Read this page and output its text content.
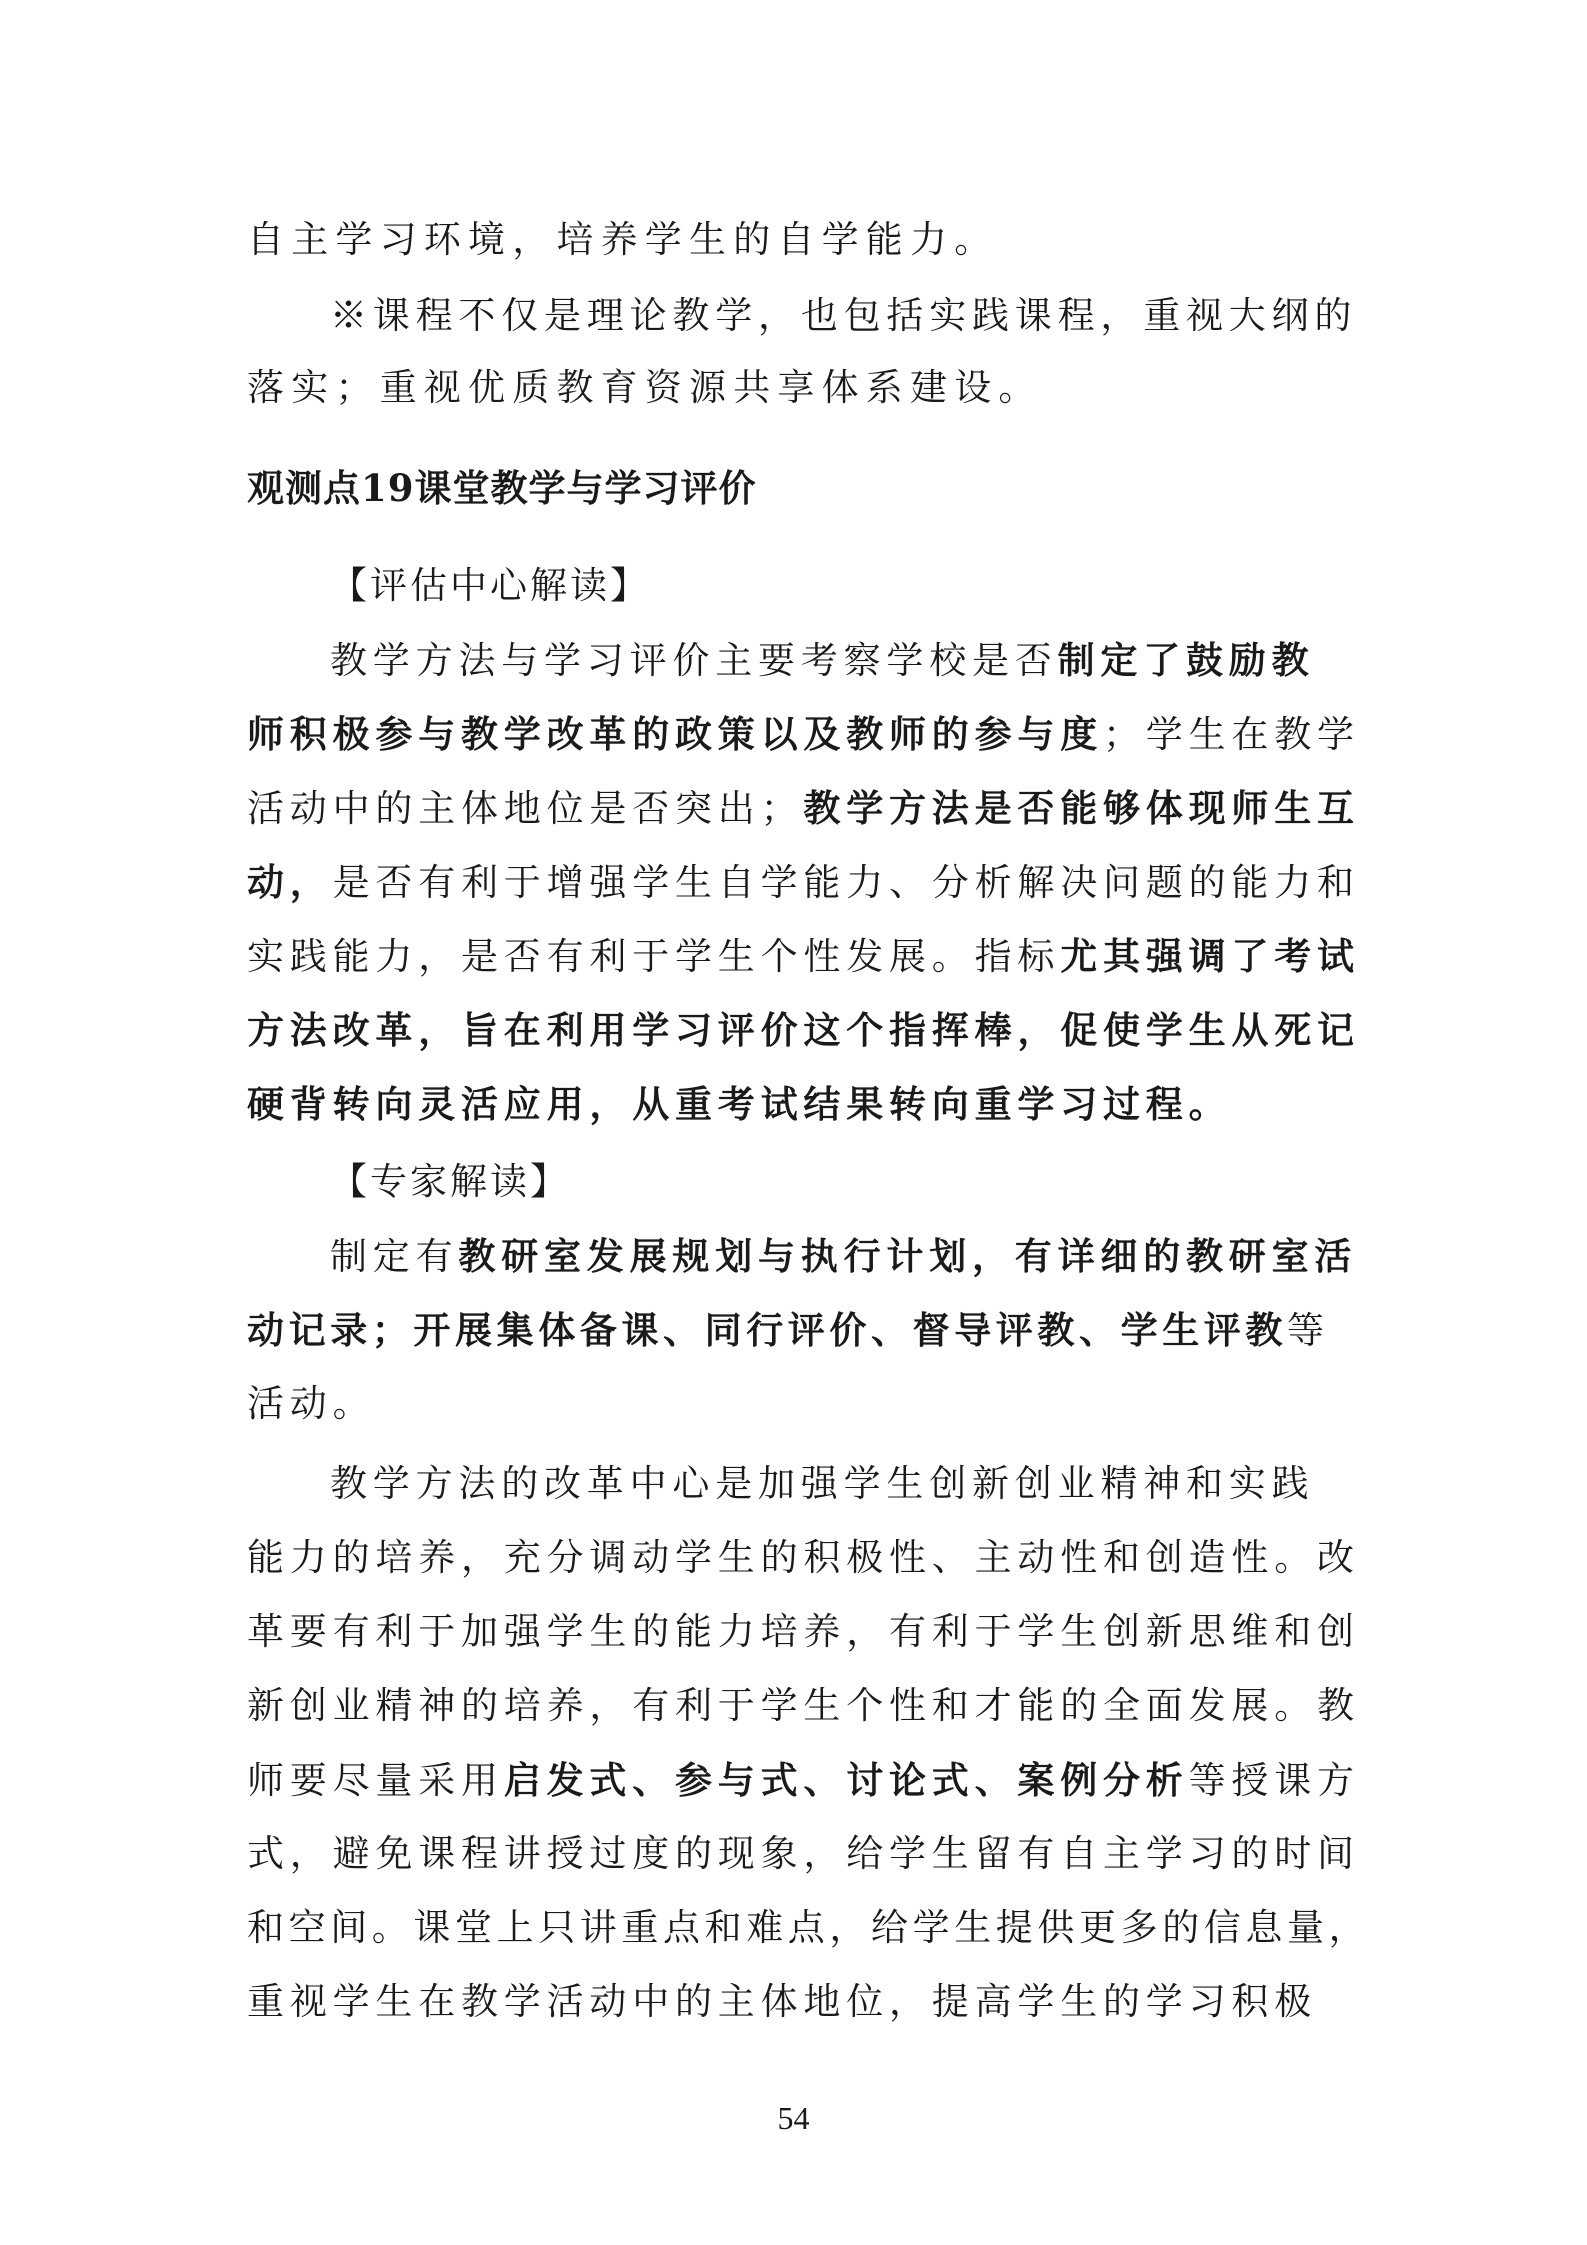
自主学习环境，培养学生的自学能力。
※课程不仅是理论教学，也包括实践课程，重视大纲的
落实；重视优质教育资源共享体系建设。
观测点19课堂教学与学习评价
【评估中心解读】
教学方法与学习评价主要考察学校是否制定了鼓励教
师积极参与教学改革的政策以及教师的参与度；学生在教学
活动中的主体地位是否突出；教学方法是否能够体现师生互
动，是否有利于增强学生自学能力、分析解决问题的能力和
实践能力，是否有利于学生个性发展。指标尤其强调了考试
方法改革，旨在利用学习评价这个指挥棒，促使学生从死记
硬背转向灵活应用，从重考试结果转向重学习过程。
【专家解读】
制定有教研室发展规划与执行计划，有详细的教研室活
动记录；开展集体备课、同行评价、督导评教、学生评教等
活动。
教学方法的改革中心是加强学生创新创业精神和实践
能力的培养，充分调动学生的积极性、主动性和创造性。改
革要有利于加强学生的能力培养，有利于学生创新思维和创
新创业精神的培养，有利于学生个性和才能的全面发展。教
师要尽量采用启发式、参与式、讨论式、案例分析等授课方
式，避免课程讲授过度的现象，给学生留有自主学习的时间
和空间。课堂上只讲重点和难点，给学生提供更多的信息量，
重视学生在教学活动中的主体地位，提高学生的学习积极
54
